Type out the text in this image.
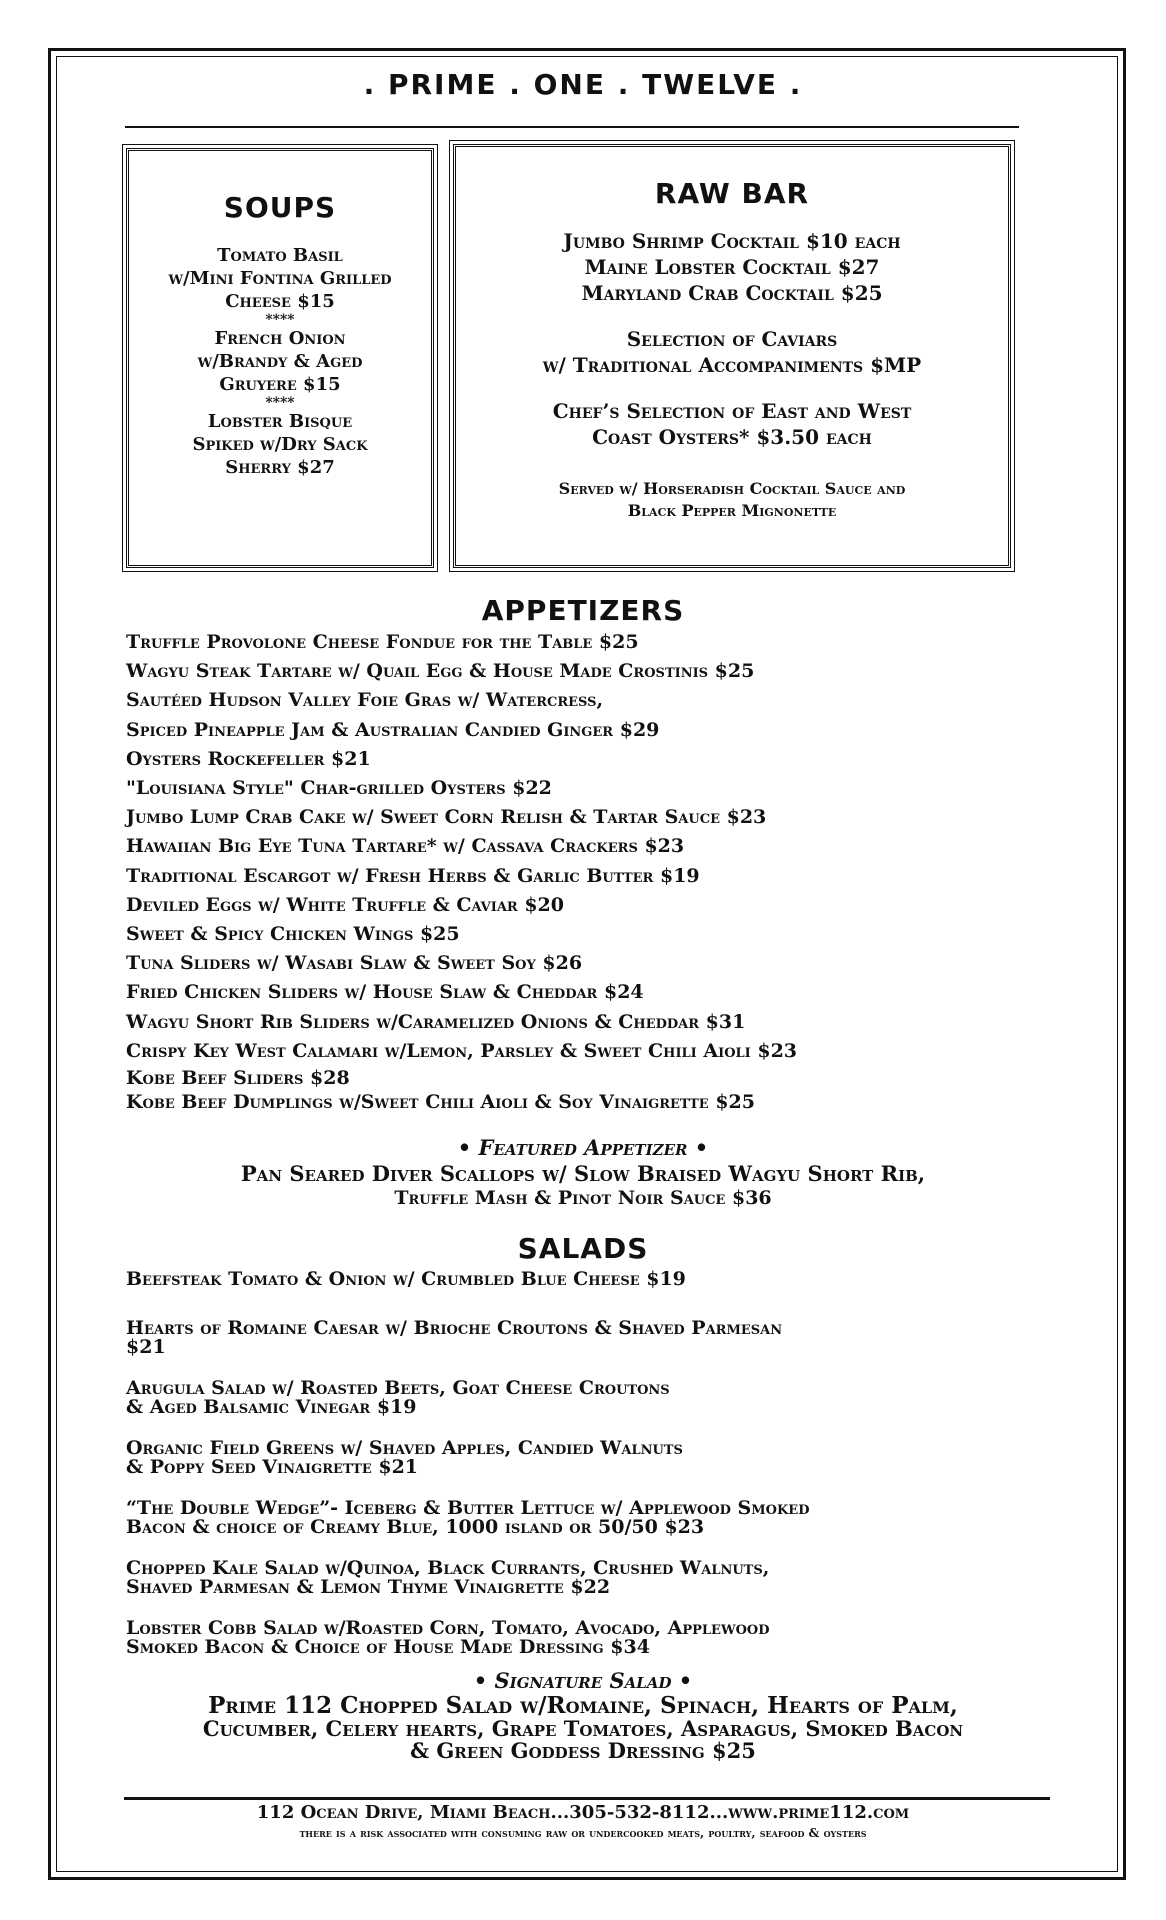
. PRIME . ONE . TWELVE .
SOUPS
Tomato Basil
w/Mini Fontina Grilled
Cheese $15
****
French Onion
w/Brandy & Aged
Gruyere $15
****
Lobster Bisque
Spiked w/Dry Sack
Sherry $27
RAW BAR
Jumbo Shrimp Cocktail $10 each
Maine Lobster Cocktail $27
Maryland Crab Cocktail $25
Selection of Caviars
w/ Traditional Accompaniments $MP
Chef’s Selection of East and West
Coast Oysters* $3.50 each
Served w/ Horseradish Cocktail Sauce and
Black Pepper Mignonette
APPETIZERS
Truffle Provolone Cheese Fondue for the Table $25
Wagyu Steak Tartare w/ Quail Egg & House Made Crostinis $25
Sautéed Hudson Valley Foie Gras w/ Watercress,
Spiced Pineapple Jam & Australian Candied Ginger $29
Oysters Rockefeller $21
"Louisiana Style" Char-grilled Oysters $22
Jumbo Lump Crab Cake w/ Sweet Corn Relish & Tartar Sauce $23
Hawaiian Big Eye Tuna Tartare* w/ Cassava Crackers $23
Traditional Escargot w/ Fresh Herbs & Garlic Butter $19
Deviled Eggs w/ White Truffle & Caviar $20
Sweet & Spicy Chicken Wings $25
Tuna Sliders w/ Wasabi Slaw & Sweet Soy $26
Fried Chicken Sliders w/ House Slaw & Cheddar $24
Wagyu Short Rib Sliders w/Caramelized Onions & Cheddar $31
Crispy Key West Calamari w/Lemon, Parsley & Sweet Chili Aioli $23
Kobe Beef Sliders $28
Kobe Beef Dumplings w/Sweet Chili Aioli & Soy Vinaigrette $25
• Featured Appetizer •
Pan Seared Diver Scallops w/ Slow Braised Wagyu Short Rib,
Truffle Mash & Pinot Noir Sauce $36
SALADS
Beefsteak Tomato & Onion w/ Crumbled Blue Cheese $19
Hearts of Romaine Caesar w/ Brioche Croutons & Shaved Parmesan
$21
Arugula Salad w/ Roasted Beets, Goat Cheese Croutons
& Aged Balsamic Vinegar $19
Organic Field Greens w/ Shaved Apples, Candied Walnuts
& Poppy Seed Vinaigrette $21
“The Double Wedge”- Iceberg & Butter Lettuce w/ Applewood Smoked
Bacon & choice of Creamy Blue, 1000 island or 50/50 $23
Chopped Kale Salad w/Quinoa, Black Currants, Crushed Walnuts,
Shaved Parmesan & Lemon Thyme Vinaigrette $22
Lobster Cobb Salad w/Roasted Corn, Tomato, Avocado, Applewood
Smoked Bacon & Choice of House Made Dressing $34
• Signature Salad •
Prime 112 Chopped Salad w/Romaine, Spinach, Hearts of Palm,
Cucumber, Celery hearts, Grape Tomatoes, Asparagus, Smoked Bacon
& Green Goddess Dressing $25
112 Ocean Drive, Miami Beach...305-532-8112...www.prime112.com
there is a risk associated with consuming raw or undercooked meats, poultry, seafood & oysters
